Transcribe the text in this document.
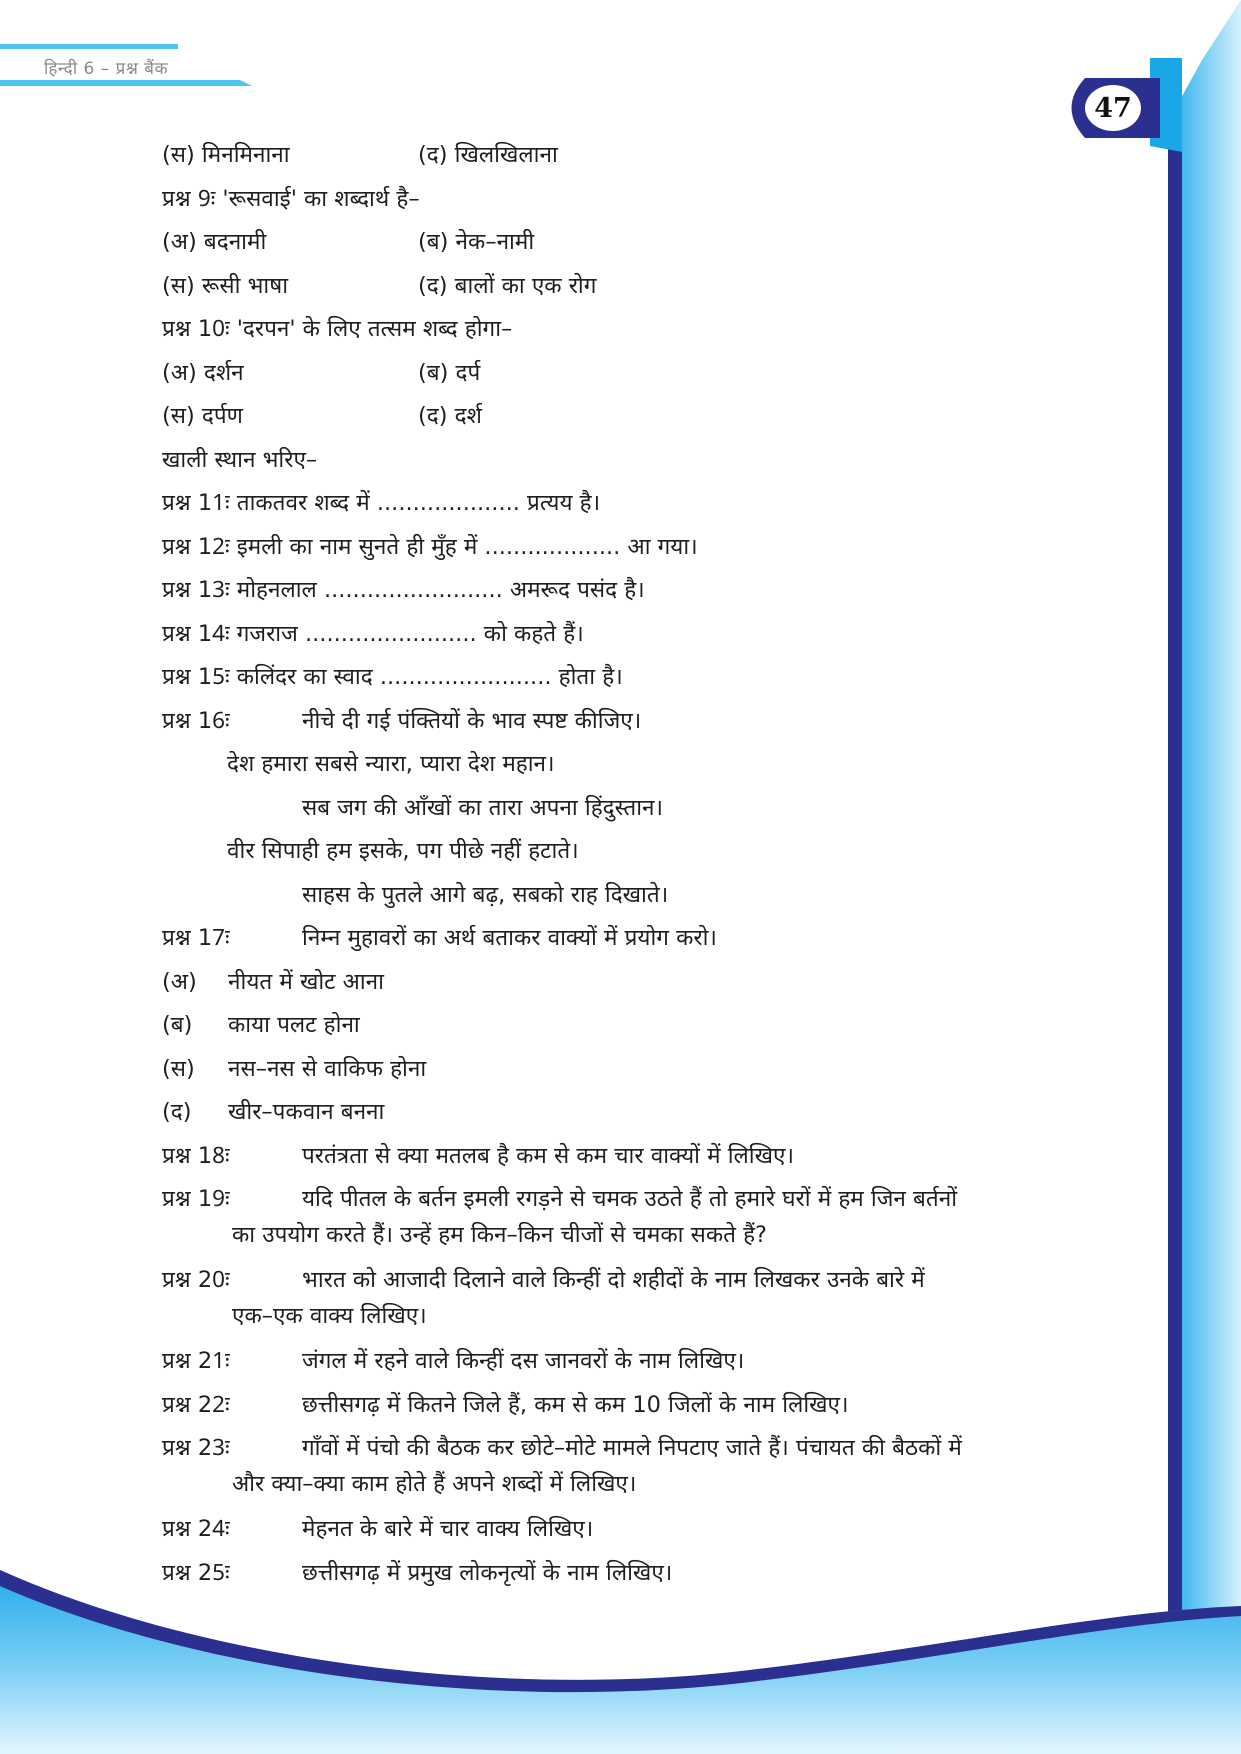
हिन्दी 6 – प्रश्न बैंक
47
(स) मिनमिनाना	(द) खिलखिलाना
प्रश्न 9ः 'रूसवाई' का शब्दार्थ है–
(अ) बदनामी	(ब) नेक–नामी
(स) रूसी भाषा	(द) बालों का एक रोग
प्रश्न 10ः 'दरपन' के लिए तत्सम शब्द होगा–
(अ) दर्शन	(ब) दर्प
(स) दर्पण	(द) दर्श
खाली स्थान भरिए–
प्रश्न 11ः ताकतवर शब्द में .................... प्रत्यय है।
प्रश्न 12ः इमली का नाम सुनते ही मुँह में ................... आ गया।
प्रश्न 13ः मोहनलाल ......................... अमरूद पसंद है।
प्रश्न 14ः गजराज ........................ को कहते हैं।
प्रश्न 15ः कलिंदर का स्वाद ........................ होता है।
प्रश्न 16ः	नीचे दी गई पंक्तियों के भाव स्पष्ट कीजिए।
देश हमारा सबसे न्यारा, प्यारा देश महान।
सब जग की आँखों का तारा अपना हिंदुस्तान।
वीर सिपाही हम इसके, पग पीछे नहीं हटाते।
साहस के पुतले आगे बढ़, सबको राह दिखाते।
प्रश्न 17ः	निम्न मुहावरों का अर्थ बताकर वाक्यों में प्रयोग करो।
(अ) नीयत में खोट आना
(ब) काया पलट होना
(स) नस–नस से वाकिफ होना
(द) खीर–पकवान बनना
प्रश्न 18ः	परतंत्रता से क्या मतलब है कम से कम चार वाक्यों में लिखिए।
प्रश्न 19ः	यदि पीतल के बर्तन इमली रगड़ने से चमक उठते हैं तो हमारे घरों में हम जिन बर्तनों
का उपयोग करते हैं। उन्हें हम किन–किन चीजों से चमका सकते हैं?
प्रश्न 20ः	भारत को आजादी दिलाने वाले किन्हीं दो शहीदों के नाम लिखकर उनके बारे में
एक–एक वाक्य लिखिए।
प्रश्न 21ः	जंगल में रहने वाले किन्हीं दस जानवरों के नाम लिखिए।
प्रश्न 22ः	छत्तीसगढ़ में कितने जिले हैं, कम से कम 10 जिलों के नाम लिखिए।
प्रश्न 23ः	गाँवों में पंचो की बैठक कर छोटे–मोटे मामले निपटाए जाते हैं। पंचायत की बैठकों में
और क्या–क्या काम होते हैं अपने शब्दों में लिखिए।
प्रश्न 24ः	मेहनत के बारे में चार वाक्य लिखिए।
प्रश्न 25ः	छत्तीसगढ़ में प्रमुख लोकनृत्यों के नाम लिखिए।
